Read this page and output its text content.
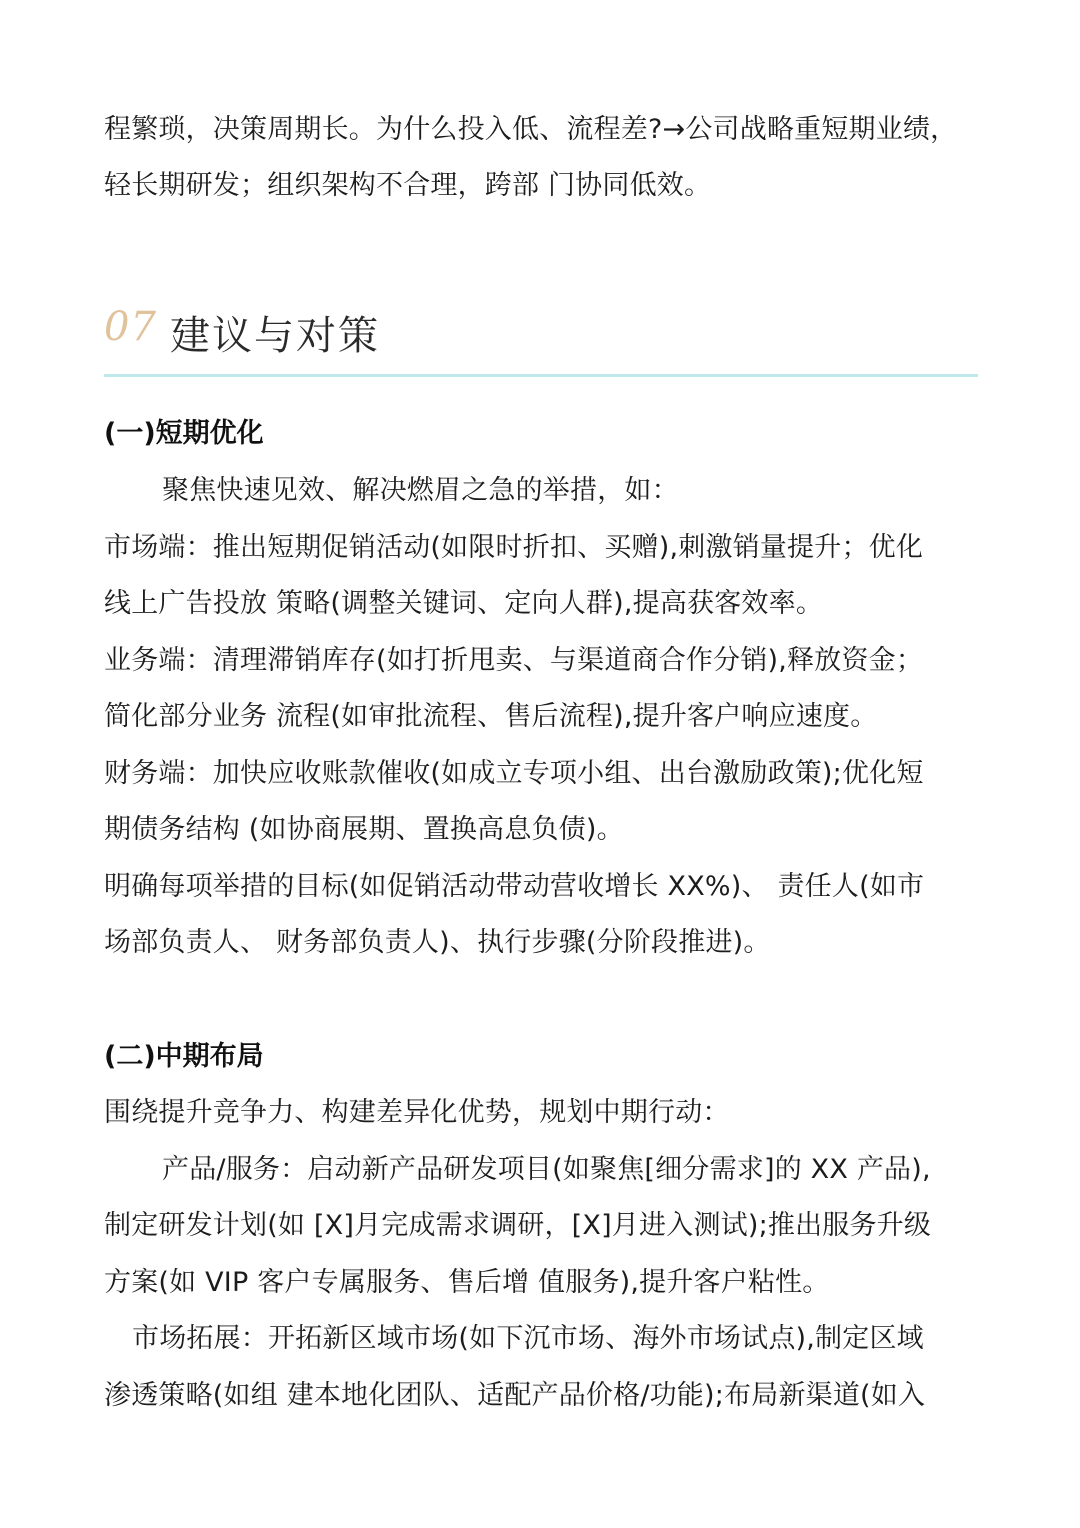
程繁琐，决策周期长。为什么投入低、流程差?→公司战略重短期业绩，
轻长期研发；组织架构不合理，跨部 门协同低效。
07 建议与对策
(一)短期优化
聚焦快速见效、解决燃眉之急的举措，如：
市场端：推出短期促销活动(如限时折扣、买赠),刺激销量提升；优化
线上广告投放 策略(调整关键词、定向人群),提高获客效率。
业务端：清理滞销库存(如打折甩卖、与渠道商合作分销),释放资金；
简化部分业务 流程(如审批流程、售后流程),提升客户响应速度。
财务端：加快应收账款催收(如成立专项小组、出台激励政策);优化短
期债务结构 (如协商展期、置换高息负债)。
明确每项举措的目标(如促销活动带动营收增长 XX%)、 责任人(如市
场部负责人、 财务部负责人)、执行步骤(分阶段推进)。
(二)中期布局
围绕提升竞争力、构建差异化优势，规划中期行动：
产品/服务：启动新产品研发项目(如聚焦[细分需求]的 XX 产品),
制定研发计划(如 [X]月完成需求调研，[X]月进入测试);推出服务升级
方案(如 VIP 客户专属服务、售后增 值服务),提升客户粘性。
市场拓展：开拓新区域市场(如下沉市场、海外市场试点),制定区域
渗透策略(如组 建本地化团队、适配产品价格/功能);布局新渠道(如入
